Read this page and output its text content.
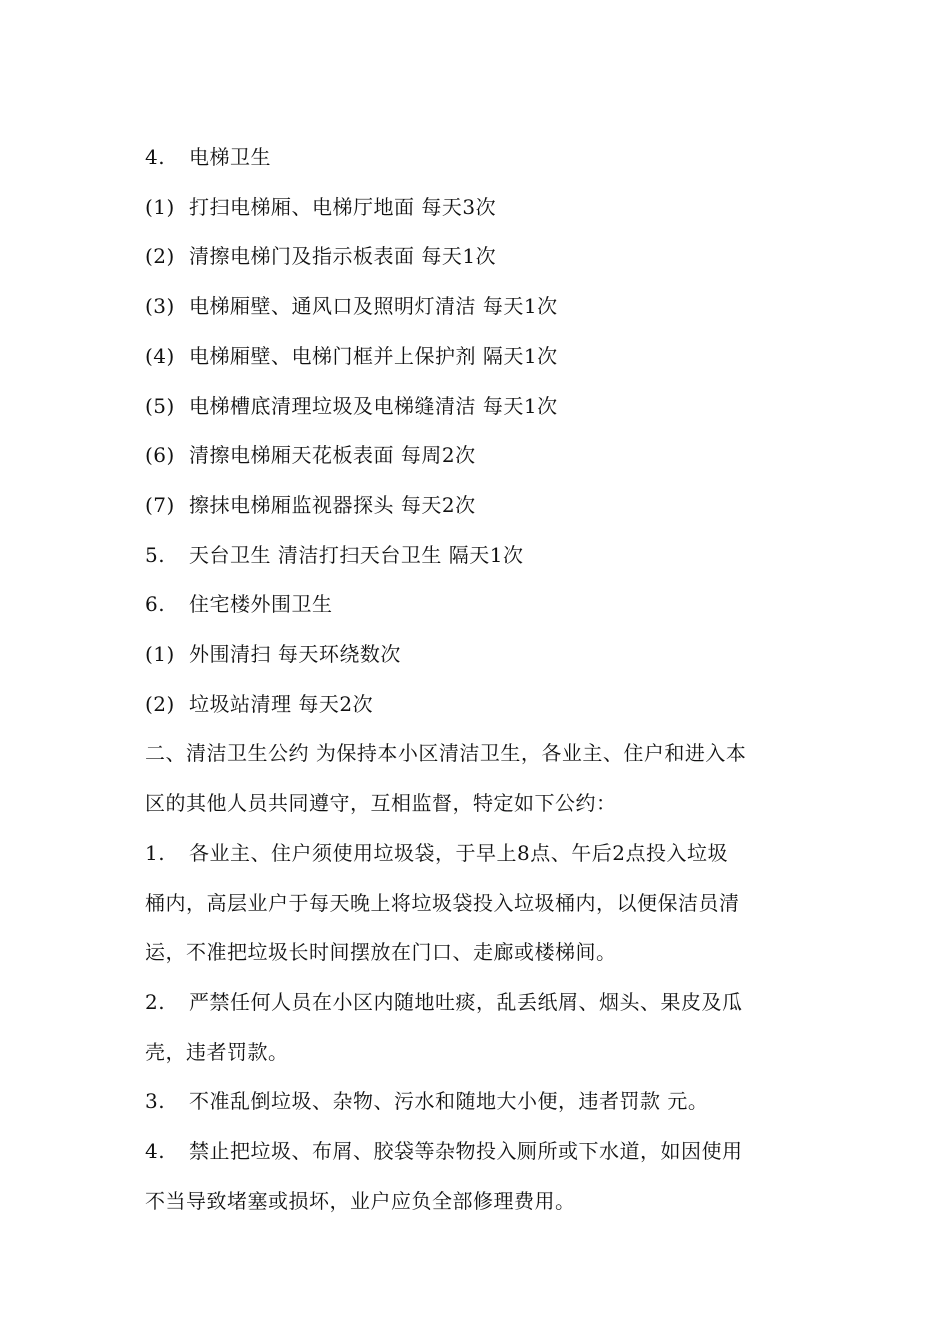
4. 电梯卫生
(1) 打扫电梯厢、电梯厅地面 每天3次
(2) 清擦电梯门及指示板表面 每天1次
(3) 电梯厢壁、通风口及照明灯清洁 每天1次
(4) 电梯厢壁、电梯门框并上保护剂 隔天1次
(5) 电梯槽底清理垃圾及电梯缝清洁 每天1次
(6) 清擦电梯厢天花板表面 每周2次
(7) 擦抹电梯厢监视器探头 每天2次
5. 天台卫生 清洁打扫天台卫生 隔天1次
6. 住宅楼外围卫生
(1) 外围清扫 每天环绕数次
(2) 垃圾站清理 每天2次
二、清洁卫生公约 为保持本小区清洁卫生，各业主、住户和进入本
区的其他人员共同遵守，互相监督，特定如下公约：
1. 各业主、住户须使用垃圾袋，于早上8点、午后2点投入垃圾
桶内，高层业户于每天晚上将垃圾袋投入垃圾桶内，以便保洁员清
运，不准把垃圾长时间摆放在门口、走廊或楼梯间。
2. 严禁任何人员在小区内随地吐痰，乱丢纸屑、烟头、果皮及瓜
壳，违者罚款。
3. 不准乱倒垃圾、杂物、污水和随地大小便，违者罚款 元。
4. 禁止把垃圾、布屑、胶袋等杂物投入厕所或下水道，如因使用
不当导致堵塞或损坏，业户应负全部修理费用。
